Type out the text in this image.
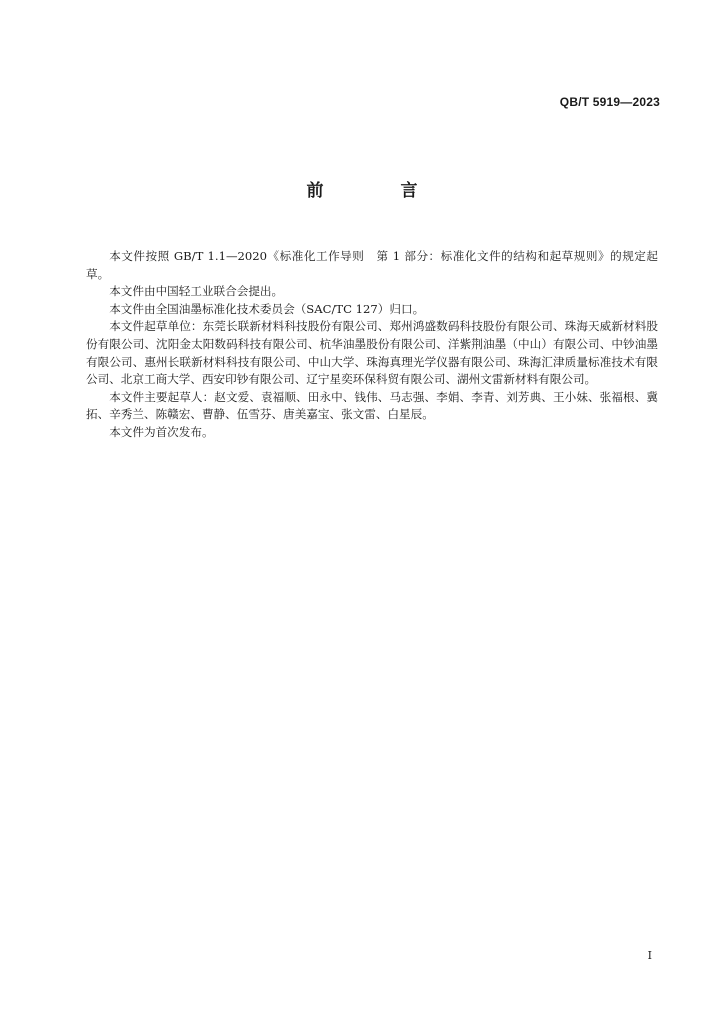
QB/T 5919—2023
前　言

本文件按照 GB/T 1.1—2020《标准化工作导则　第 1 部分：标准化文件的结构和起草规则》的规定起草。

本文件由中国轻工业联合会提出。

本文件由全国油墨标准化技术委员会（SAC/TC 127）归口。

本文件起草单位：东莞长联新材料科技股份有限公司、郑州鸿盛数码科技股份有限公司、珠海天威新材料股份有限公司、沈阳金太阳数码科技有限公司、杭华油墨股份有限公司、洋紫荆油墨（中山）有限公司、中钞油墨有限公司、惠州长联新材料科技有限公司、中山大学、珠海真理光学仪器有限公司、珠海汇津质量标准技术有限公司、北京工商大学、西安印钞有限公司、辽宁星奕环保科贸有限公司、湖州文雷新材料有限公司。

本文件主要起草人：赵文爱、袁福顺、田永中、钱伟、马志强、李娟、李青、刘芳典、王小妹、张福根、冀拓、辛秀兰、陈赣宏、曹静、伍雪芬、唐美嘉宝、张文雷、白星辰。

本文件为首次发布。

I
